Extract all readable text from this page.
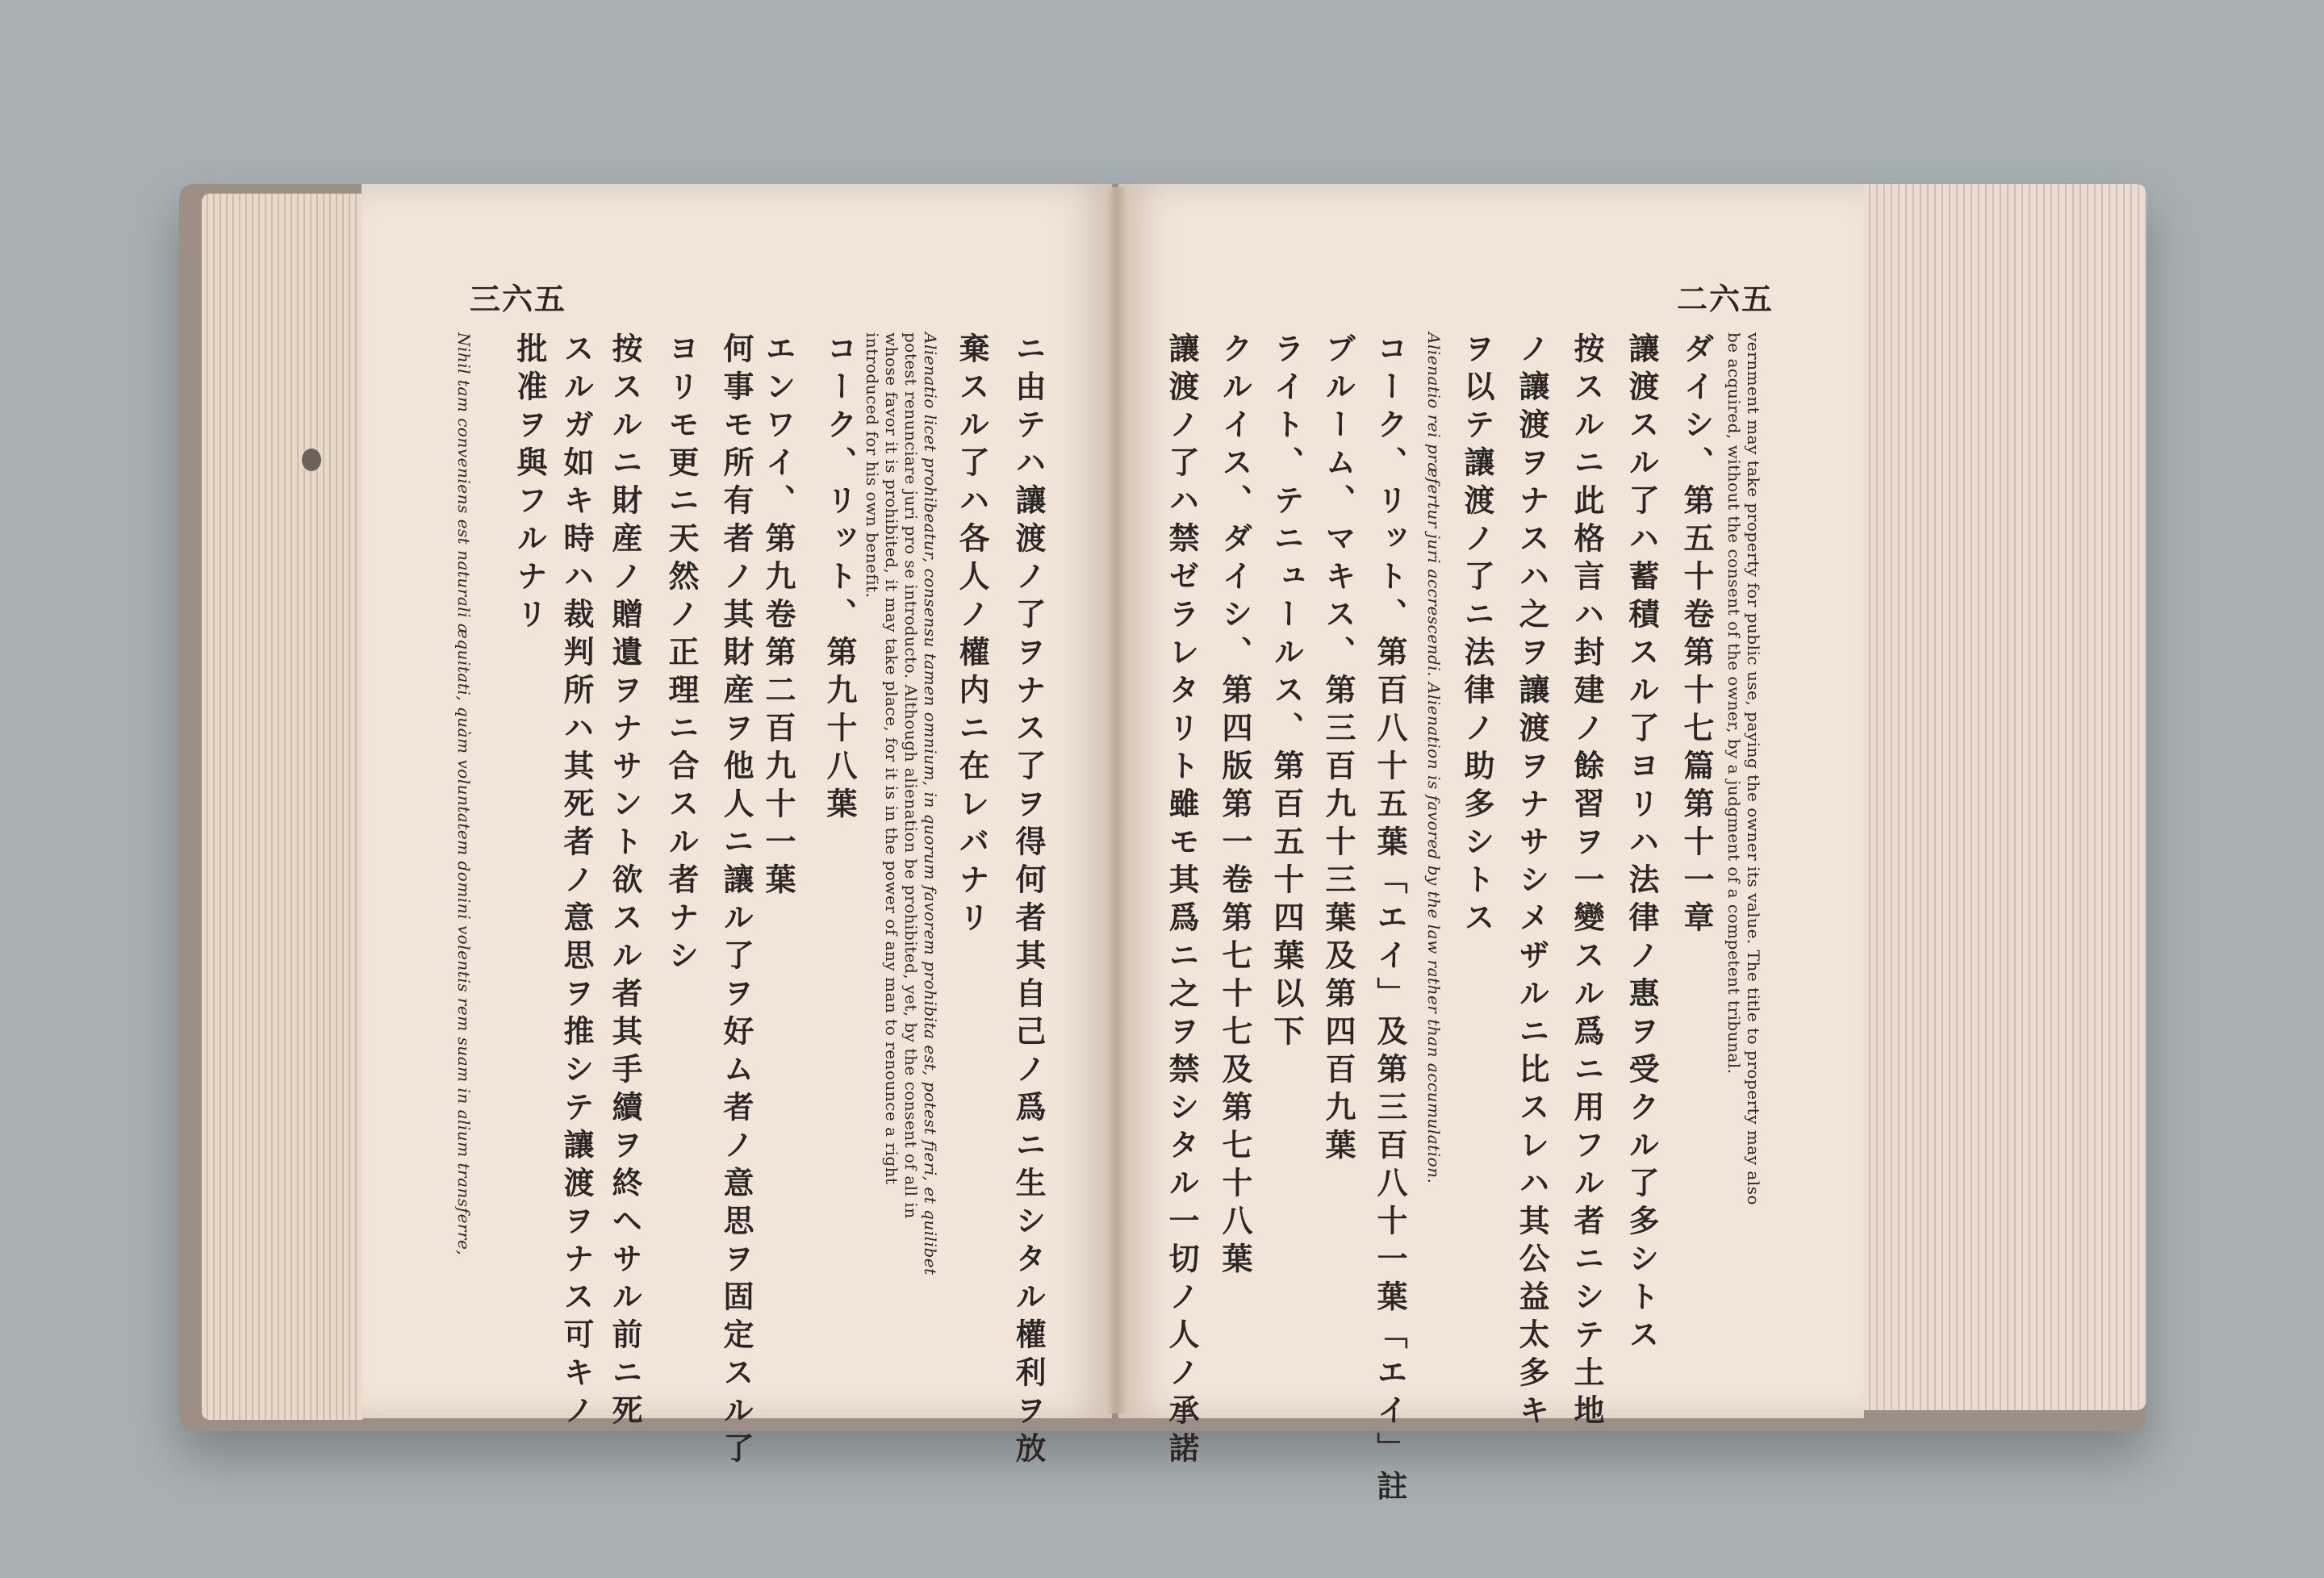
三六五	二六五
ニ由テハ讓渡ノ了ヲナス了ヲ得何者其自己ノ爲ニ生シタル權利ヲ放
棄スル了ハ各人ノ權内ニ在レバナリ
Alienatio licet prohibeatur, consensu tamen omnium, in quorum favorem prohibita est, potest fieri, et quilibet
potest renunciare juri pro se introducto. Although alienation be prohibited, yet, by the consent of all in
whose favor it is prohibited, it may take place, for it is in the power of any man to renounce a right
introduced for his own benefit.
コーク、リット、第九十八葉
エンワイ、第九卷第二百九十一葉
何事モ所有者ノ其財産ヲ他人ニ讓ル了ヲ好ム者ノ意思ヲ固定スル了
ヨリモ更ニ天然ノ正理ニ合スル者ナシ
按スルニ財産ノ贈遺ヲナサント欲スル者其手續ヲ終ヘサル前ニ死
スルガ如キ時ハ裁判所ハ其死者ノ意思ヲ推シテ讓渡ヲナス可キノ
批准ヲ與フルナリ
Nihil tam conveniens est naturali æquitati, quàm voluntatem domini volentis rem suam in alium transferre,	vernment may take property for public use, paying the owner its value. The title to property may also
be acquired, without the consent of the owner, by a judgment of a competent tribunal.
ダイシ、第五十卷第十七篇第十一章
讓渡スル了ハ蓄積スル了ヨリハ法律ノ惠ヲ受クル了多シトス
按スルニ此格言ハ封建ノ餘習ヲ一變スル爲ニ用フル者ニシテ土地
ノ讓渡ヲナスハ之ヲ讓渡ヲナサシメザルニ比スレハ其公益太多キ
ヲ以テ讓渡ノ了ニ法律ノ助多シトス
Alienatio rei præfertur juri accrescendi. Alienation is favored by the law rather than accumulation.
コーク、リット、第百八十五葉「エイ」及第三百八十一葉「エイ」註
ブルーム、マキス、第三百九十三葉及第四百九葉
ライト、テニュールス、第百五十四葉以下
クルイス、ダイシ、第四版第一卷第七十七及第七十八葉
讓渡ノ了ハ禁ゼラレタリト雖モ其爲ニ之ヲ禁シタル一切ノ人ノ承諾
